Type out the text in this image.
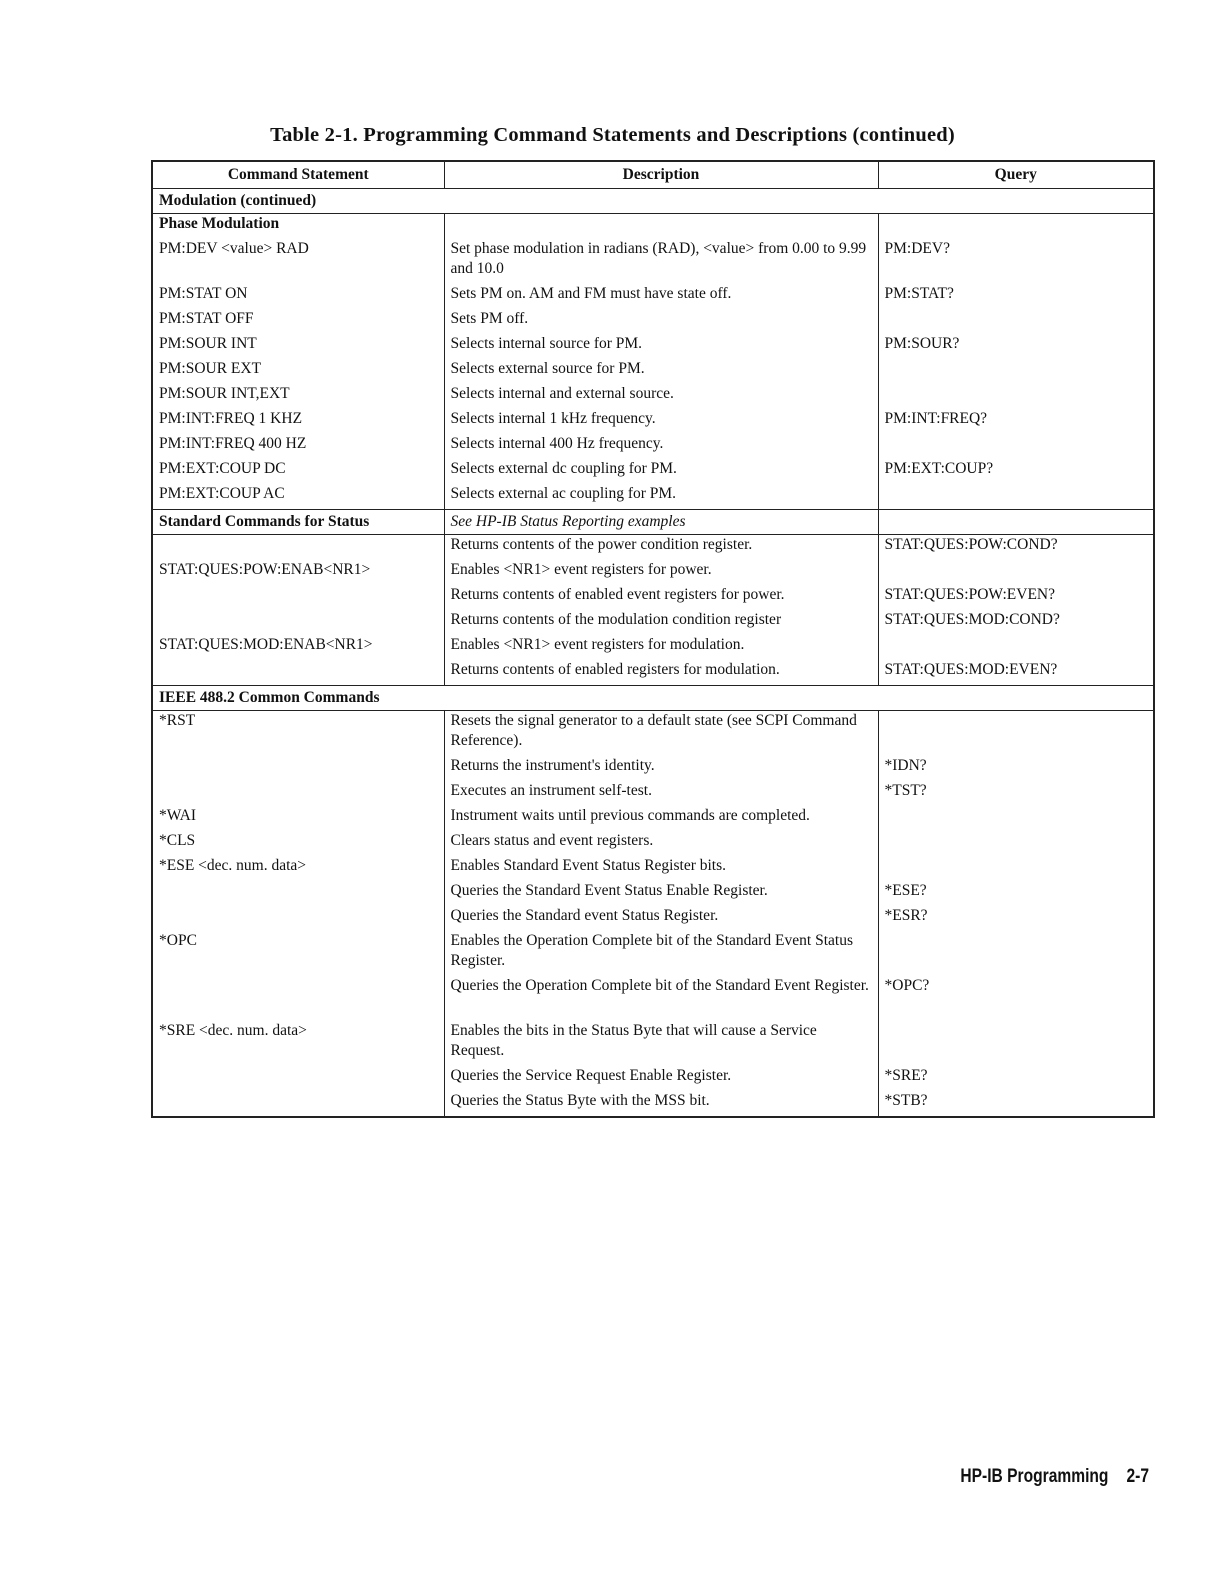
Table 2-1. Programming Command Statements and Descriptions (continued)
Command Statement	Description	Query
Modulation (continued)		
Phase Modulation		
PM:DEV <value> RAD	Set phase modulation in radians (RAD), <value> from 0.00 to 9.99 and 10.0	PM:DEV?
PM:STAT ON	Sets PM on. AM and FM must have state off.	PM:STAT?
PM:STAT OFF	Sets PM off.	
PM:SOUR INT	Selects internal source for PM.	PM:SOUR?
PM:SOUR EXT	Selects external source for PM.	
PM:SOUR INT,EXT	Selects internal and external source.	
PM:INT:FREQ 1 KHZ	Selects internal 1 kHz frequency.	PM:INT:FREQ?
PM:INT:FREQ 400 HZ	Selects internal 400 Hz frequency.	
PM:EXT:COUP DC	Selects external dc coupling for PM.	PM:EXT:COUP?
PM:EXT:COUP AC	Selects external ac coupling for PM.	
Standard Commands for Status	See HP-IB Status Reporting examples	
	Returns contents of the power condition register.	STAT:QUES:POW:COND?
STAT:QUES:POW:ENAB<NR1>	Enables <NR1> event registers for power.	
	Returns contents of enabled event registers for power.	STAT:QUES:POW:EVEN?
	Returns contents of the modulation condition register	STAT:QUES:MOD:COND?
STAT:QUES:MOD:ENAB<NR1>	Enables <NR1> event registers for modulation.	
	Returns contents of enabled registers for modulation.	STAT:QUES:MOD:EVEN?
IEEE 488.2 Common Commands		
*RST	Resets the signal generator to a default state (see SCPI Command Reference).	
	Returns the instrument's identity.	*IDN?
	Executes an instrument self-test.	*TST?
*WAI	Instrument waits until previous commands are completed.	
*CLS	Clears status and event registers.	
*ESE <dec. num. data>	Enables Standard Event Status Register bits.	
	Queries the Standard Event Status Enable Register.	*ESE?
	Queries the Standard event Status Register.	*ESR?
*OPC	Enables the Operation Complete bit of the Standard Event Status Register.	
	Queries the Operation Complete bit of the Standard Event Register.	*OPC?
*SRE <dec. num. data>	Enables the bits in the Status Byte that will cause a Service Request.	
	Queries the Service Request Enable Register.	*SRE?
	Queries the Status Byte with the MSS bit.	*STB?
HP-IB Programming 2-7
